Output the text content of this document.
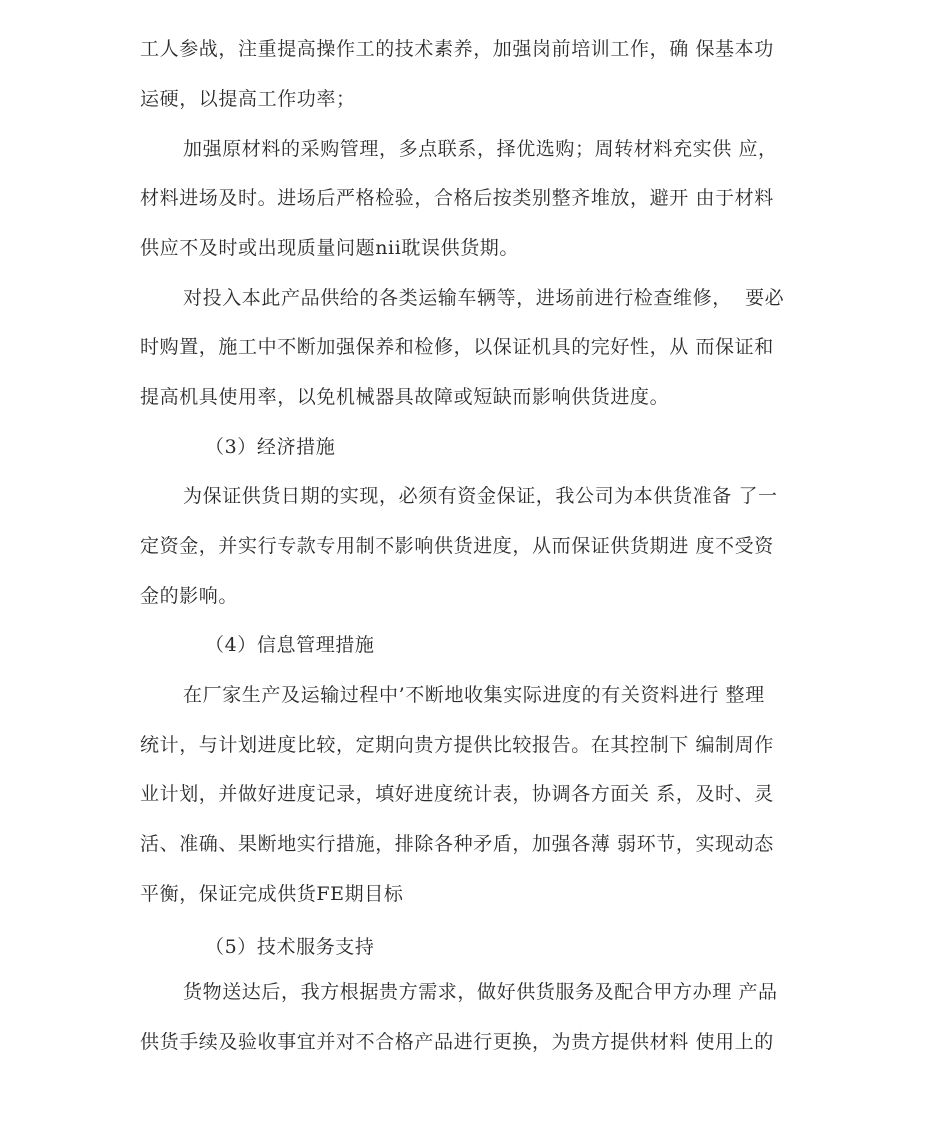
工人参战，注重提高操作工的技术素养，加强岗前培训工作，确 保基本功
运硬，以提高工作功率；
加强原材料的采购管理，多点联系，择优选购；周转材料充实供 应，
材料进场及时。进场后严格检验，合格后按类别整齐堆放，避开 由于材料
供应不及时或出现质量问题nii耽误供货期。
对投入本此产品供给的各类运输车辆等，进场前进行检查维修，  要必
时购置，施工中不断加强保养和检修，以保证机具的完好性，从 而保证和
提高机具使用率，以免机械器具故障或短缺而影响供货进度。
（3）经济措施
为保证供货日期的实现，必须有资金保证，我公司为本供货准备 了一
定资金，并实行专款专用制不影响供货进度，从而保证供货期进 度不受资
金的影响。
（4）信息管理措施
在厂家生产及运输过程中’不断地收集实际进度的有关资料进行 整理
统计，与计划进度比较，定期向贵方提供比较报告。在其控制下 编制周作
业计划，并做好进度记录，填好进度统计表，协调各方面关 系，及时、灵
活、准确、果断地实行措施，排除各种矛盾，加强各薄 弱环节，实现动态
平衡，保证完成供货FE期目标
（5）技术服务支持
货物送达后，我方根据贵方需求，做好供货服务及配合甲方办理 产品
供货手续及验收事宜并对不合格产品进行更换，为贵方提供材料 使用上的
